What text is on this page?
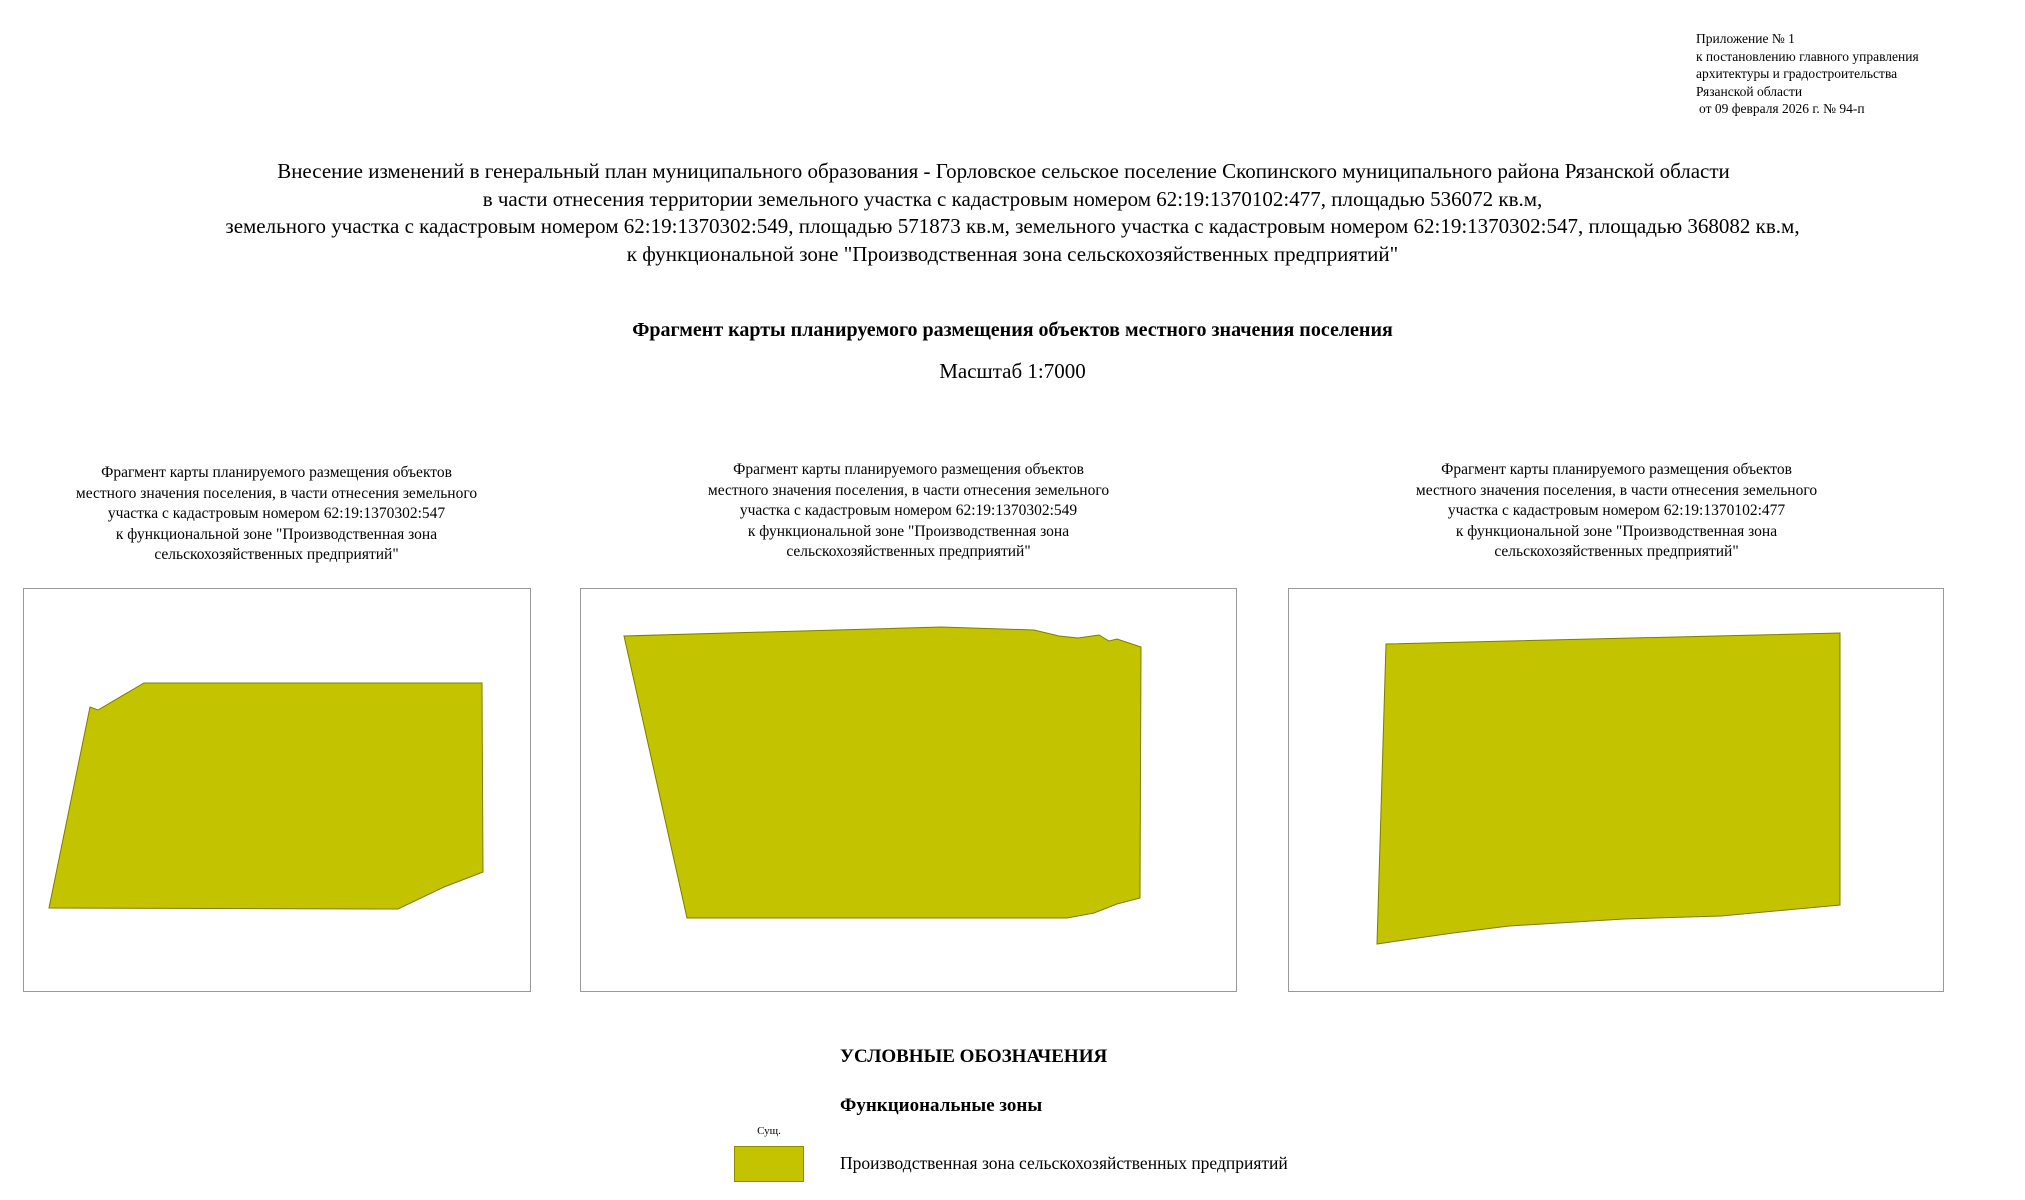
Приложение № 1
к постановлению главного управления
архитектуры и градостроительства
Рязанской области
от 09 февраля 2026 г. № 94-п
Внесение изменений в генеральный план муниципального образования - Горловское сельское поселение Скопинского муниципального района Рязанской области
в части отнесения территории земельного участка с кадастровым номером 62:19:1370102:477, площадью 536072 кв.м,
земельного участка с кадастровым номером 62:19:1370302:549, площадью 571873 кв.м, земельного участка с кадастровым номером 62:19:1370302:547, площадью 368082 кв.м,
к функциональной зоне "Производственная зона сельскохозяйственных предприятий"
Фрагмент карты планируемого размещения объектов местного значения поселения
Масштаб 1:7000
Фрагмент карты планируемого размещения объектов
местного значения поселения, в части отнесения земельного
участка с кадастровым номером 62:19:1370302:547
к функциональной зоне "Производственная зона
сельскохозяйственных предприятий"
Фрагмент карты планируемого размещения объектов
местного значения поселения, в части отнесения земельного
участка с кадастровым номером 62:19:1370302:549
к функциональной зоне "Производственная зона
сельскохозяйственных предприятий"
Фрагмент карты планируемого размещения объектов
местного значения поселения, в части отнесения земельного
участка с кадастровым номером 62:19:1370102:477
к функциональной зоне "Производственная зона
сельскохозяйственных предприятий"
УСЛОВНЫЕ ОБОЗНАЧЕНИЯ
Функциональные зоны
Сущ.
Производственная зона сельскохозяйственных предприятий
